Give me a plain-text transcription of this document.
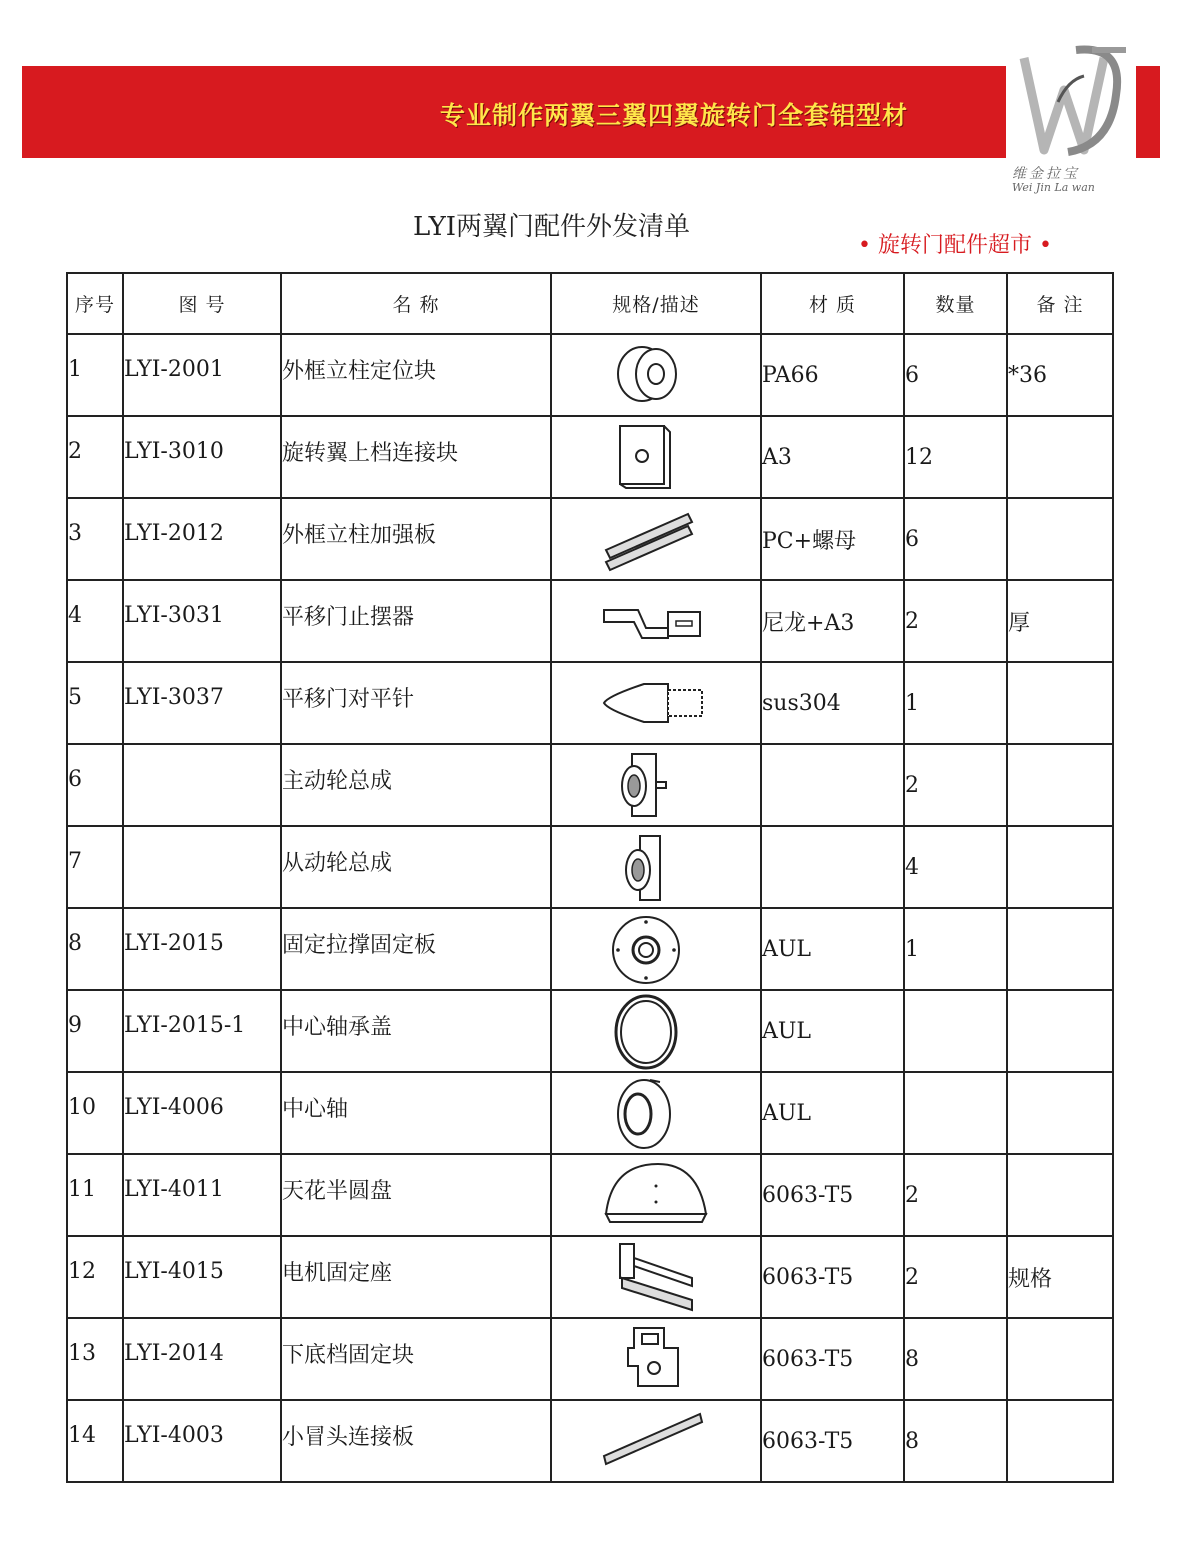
专业制作两翼三翼四翼旋转门全套铝型材
维金拉宝
Wei Jin La wan
LYI两翼门配件外发清单
• 旋转门配件超市 •
序号	图 号	名 称	规格/描述	材 质	数量	备 注
1	LYI-2001	外框立柱定位块		PA66	6	*36
2	LYI-3010	旋转翼上档连接块		A3	12	
3	LYI-2012	外框立柱加强板		PC+螺母	6	
4	LYI-3031	平移门止摆器		尼龙+A3	2	厚
5	LYI-3037	平移门对平针		sus304	1	
6		主动轮总成			2	
7		从动轮总成			4	
8	LYI-2015	固定拉撑固定板		AUL	1	
9	LYI-2015-1	中心轴承盖		AUL		
10	LYI-4006	中心轴		AUL		
11	LYI-4011	天花半圆盘		6063-T5	2	
12	LYI-4015	电机固定座		6063-T5	2	规格
13	LYI-2014	下底档固定块		6063-T5	8	
14	LYI-4003	小冒头连接板		6063-T5	8	
